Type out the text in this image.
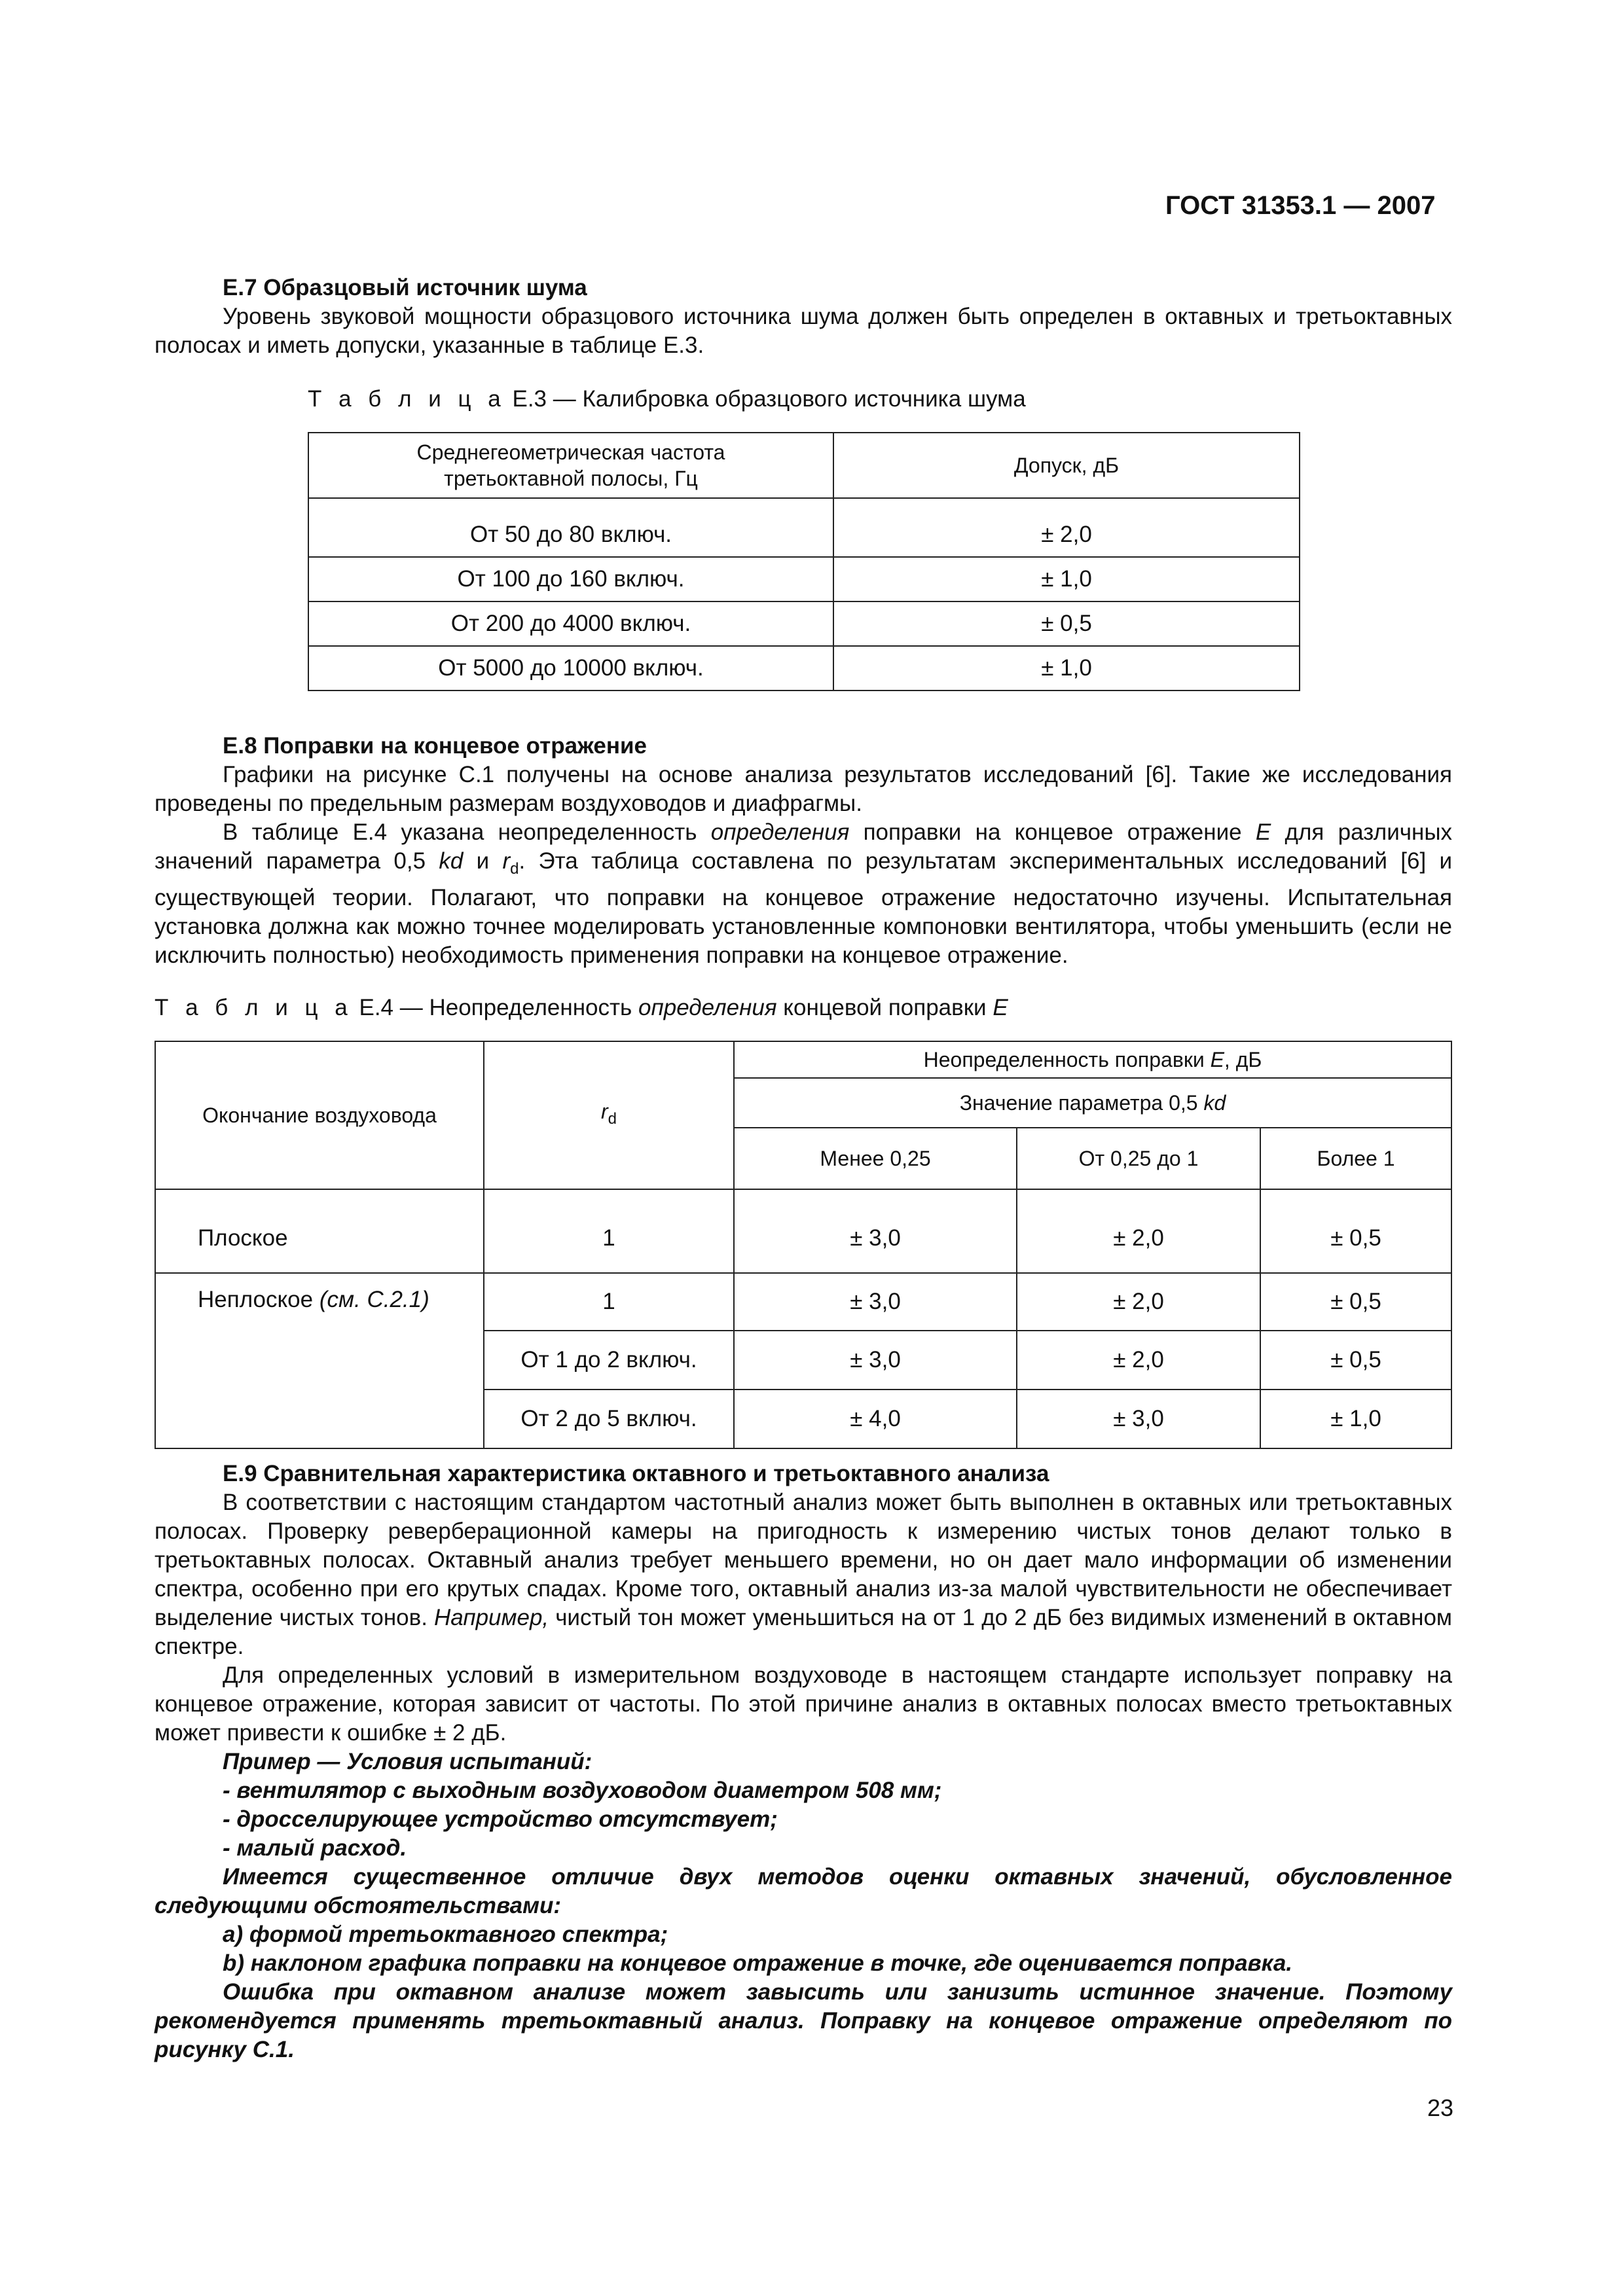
ГОСТ 31353.1 — 2007

Е.7 Образцовый источник шума

Уровень звуковой мощности образцового источника шума должен быть определен в октавных и третьоктавных полосах и иметь допуски, указанные в таблице Е.3.

Т а б л и ц а Е.3 — Калибровка образцового источника шума
Среднегеометрическая частота
третьоктавной полосы, Гц	Допуск, дБ

От 50 до 80 включ.	± 2,0
От 100 до 160 включ.	± 1,0
От 200 до 4000 включ.	± 0,5
От 5000 до 10000 включ.	± 1,0

Е.8 Поправки на концевое отражение

Графики на рисунке С.1 получены на основе анализа результатов исследований [6]. Такие же исследования проведены по предельным размерам воздуховодов и диафрагмы.

В таблице Е.4 указана неопределенность определения поправки на концевое отражение E для различных значений параметра 0,5 kd и $r_d$. Эта таблица составлена по результатам экспериментальных исследований [6] и существующей теории. Полагают, что поправки на концевое отражение недостаточно изучены. Испытательная установка должна как можно точнее моделировать установленные компоновки вентилятора, чтобы уменьшить (если не исключить полностью) необходимость применения поправки на концевое отражение.

Т а б л и ц а Е.4 — Неопределенность определения концевой поправки E
Окончание воздуховода	$r_d$	Неопределенность поправки E, дБ		
		Значение параметра 0,5 kd		
		Менее 0,25	От 0,25 до 1	Более 1

Плоское	1	± 3,0	± 2,0	± 0,5
Неплоское (см. С.2.1)	1	± 3,0	± 2,0	± 0,5
	От 1 до 2 включ.	± 3,0	± 2,0	± 0,5
	От 2 до 5 включ.	± 4,0	± 3,0	± 1,0

Е.9 Сравнительная характеристика октавного и третьоктавного анализа

В соответствии с настоящим стандартом частотный анализ может быть выполнен в октавных или третьоктавных полосах. Проверку реверберационной камеры на пригодность к измерению чистых тонов делают только в третьоктавных полосах. Октавный анализ требует меньшего времени, но он дает мало информации об изменении спектра, особенно при его крутых спадах. Кроме того, октавный анализ из-за малой чувствительности не обеспечивает выделение чистых тонов. Например, чистый тон может уменьшиться на от 1 до 2 дБ без видимых изменений в октавном спектре.

Для определенных условий в измерительном воздуховоде в настоящем стандарте использует поправку на концевое отражение, которая зависит от частоты. По этой причине анализ в октавных полосах вместо третьоктавных может привести к ошибке ± 2 дБ.

Пример — Условия испытаний:

- вентилятор с выходным воздуховодом диаметром 508 мм;

- дросселирующее устройство отсутствует;

- малый расход.

Имеется существенное отличие двух методов оценки октавных значений, обусловленное следующими обстоятельствами:

a) формой третьоктавного спектра;

b) наклоном графика поправки на концевое отражение в точке, где оценивается поправка.

Ошибка при октавном анализе может завысить или занизить истинное значение. Поэтому рекомендуется применять третьоктавный анализ. Поправку на концевое отражение определяют по рисунку С.1.

23
